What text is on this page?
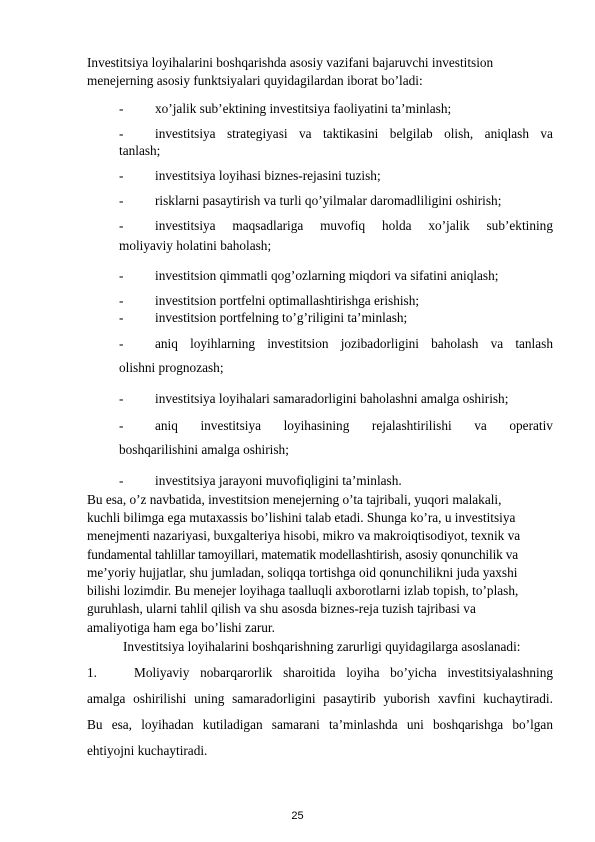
Investitsiya loyihalarini boshqarishda asosiy vazifani bajaruvchi investitsion
menejerning asosiy funktsiyalari quyidagilardan iborat bo’ladi:
- xo’jalik sub’ektining investitsiya faoliyatini ta’minlash;
- investitsiya strategiyasi va taktikasini belgilab olish, aniqlash va
tanlash;
- investitsiya loyihasi biznes-rejasini tuzish;
- risklarni pasaytirish va turli qo’yilmalar daromadliligini oshirish;
- investitsiya maqsadlariga muvofiq holda xo’jalik sub’ektining
moliyaviy holatini baholash;
- investitsion qimmatli qog’ozlarning miqdori va sifatini aniqlash;
- investitsion portfelni optimallashtirishga erishish;
- investitsion portfelning to’g’riligini ta’minlash;
- aniq loyihlarning investitsion jozibadorligini baholash va tanlash
olishni prognozash;
- investitsiya loyihalari samaradorligini baholashni amalga oshirish;
- aniq investitsiya loyihasining rejalashtirilishi va operativ
boshqarilishini amalga oshirish;
- investitsiya jarayoni muvofiqligini ta’minlash.
Bu esa, o’z navbatida, investitsion menejerning o’ta tajribali, yuqori malakali,
kuchli bilimga ega mutaxassis bo’lishini talab etadi. Shunga ko’ra, u investitsiya
menejmenti nazariyasi, buxgalteriya hisobi, mikro va makroiqtisodiyot, texnik va
fundamental tahlillar tamoyillari, matematik modellashtirish, asosiy qonunchilik va
me’yoriy hujjatlar, shu jumladan, soliqqa tortishga oid qonunchilikni juda yaxshi
bilishi lozimdir. Bu menejer loyihaga taalluqli axborotlarni izlab topish, to’plash,
guruhlash, ularni tahlil qilish va shu asosda biznes-reja tuzish tajribasi va
amaliyotiga ham ega bo’lishi zarur.
Investitsiya loyihalarini boshqarishning zarurligi quyidagilarga asoslanadi:
1.	Moliyaviy nobarqarorlik sharoitida loyiha bo’yicha investitsiyalashning
amalga oshirilishi uning samaradorligini pasaytirib yuborish xavfini kuchaytiradi.
Bu esa, loyihadan kutiladigan samarani ta’minlashda uni boshqarishga bo’lgan
ehtiyojni kuchaytiradi.
25
